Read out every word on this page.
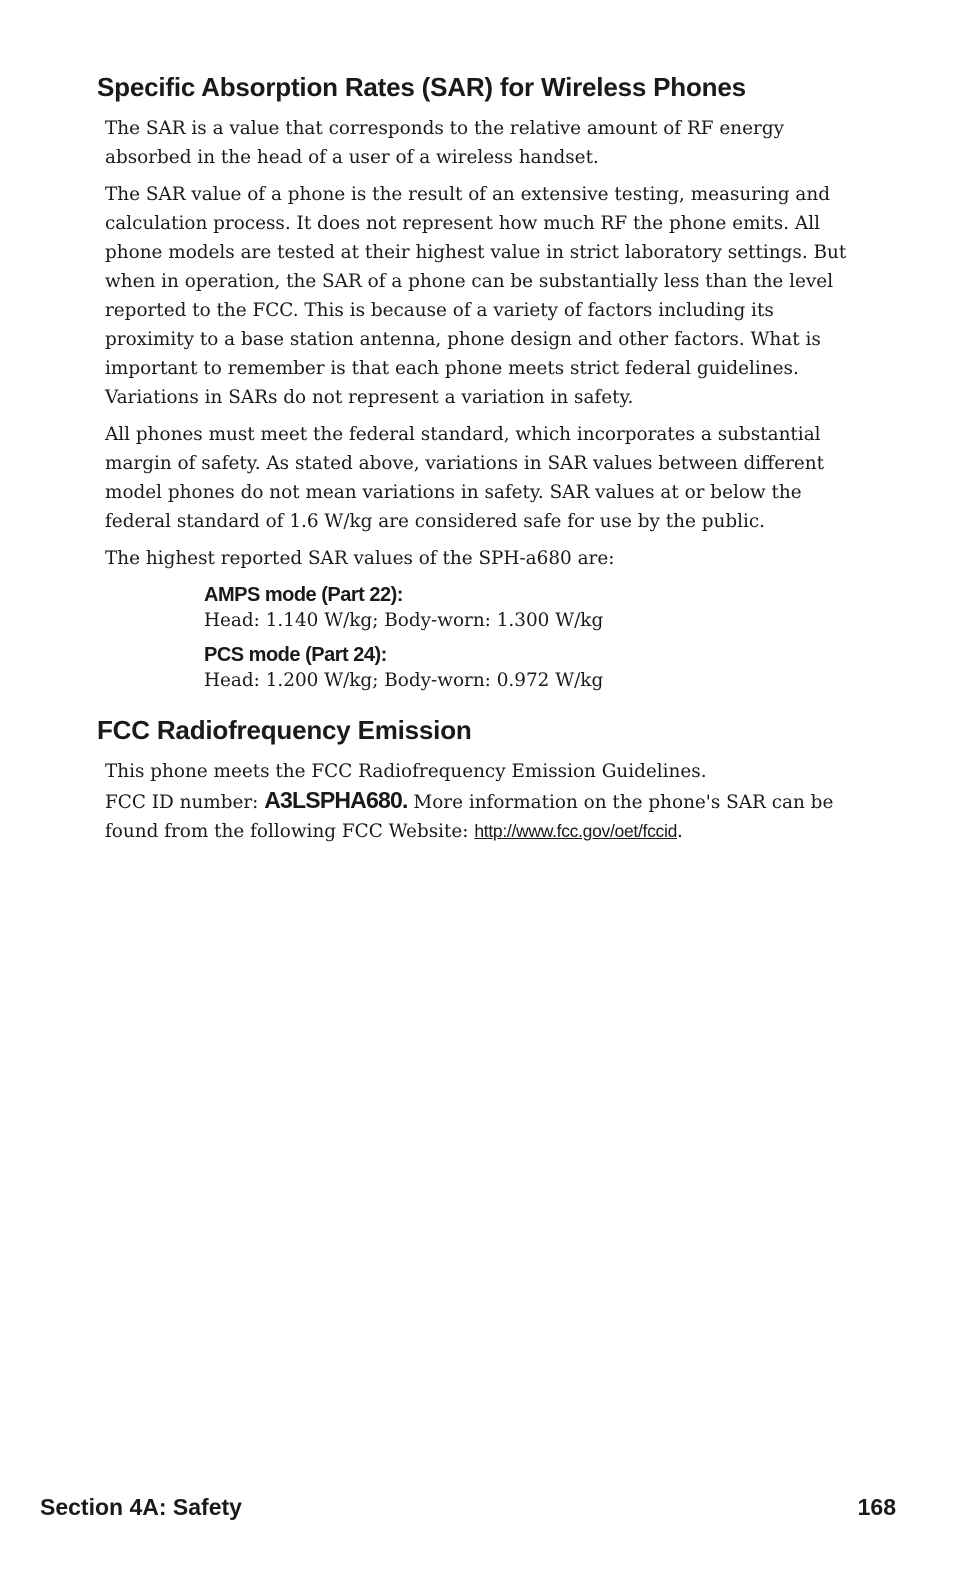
Specific Absorption Rates (SAR) for Wireless Phones

The SAR is a value that corresponds to the relative amount of RF energy absorbed in the head of a user of a wireless handset.

The SAR value of a phone is the result of an extensive testing, measuring and calculation process. It does not represent how much RF the phone emits. All phone models are tested at their highest value in strict laboratory settings. But when in operation, the SAR of a phone can be substantially less than the level reported to the FCC. This is because of a variety of factors including its proximity to a base station antenna, phone design and other factors. What is important to remember is that each phone meets strict federal guidelines. Variations in SARs do not represent a variation in safety.

All phones must meet the federal standard, which incorporates a substantial margin of safety. As stated above, variations in SAR values between different model phones do not mean variations in safety. SAR values at or below the federal standard of 1.6 W/kg are considered safe for use by the public.

The highest reported SAR values of the SPH-a680 are:

AMPS mode (Part 22):
Head: 1.140 W/kg; Body-worn: 1.300 W/kg
PCS mode (Part 24):
Head: 1.200 W/kg; Body-worn: 0.972 W/kg
FCC Radiofrequency Emission
This phone meets the FCC Radiofrequency Emission Guidelines.
FCC ID number: A3LSPHA680. More information on the phone's SAR can be found from the following FCC Website: http://www.fcc.gov/oet/fccid.
Section 4A: Safety	168
